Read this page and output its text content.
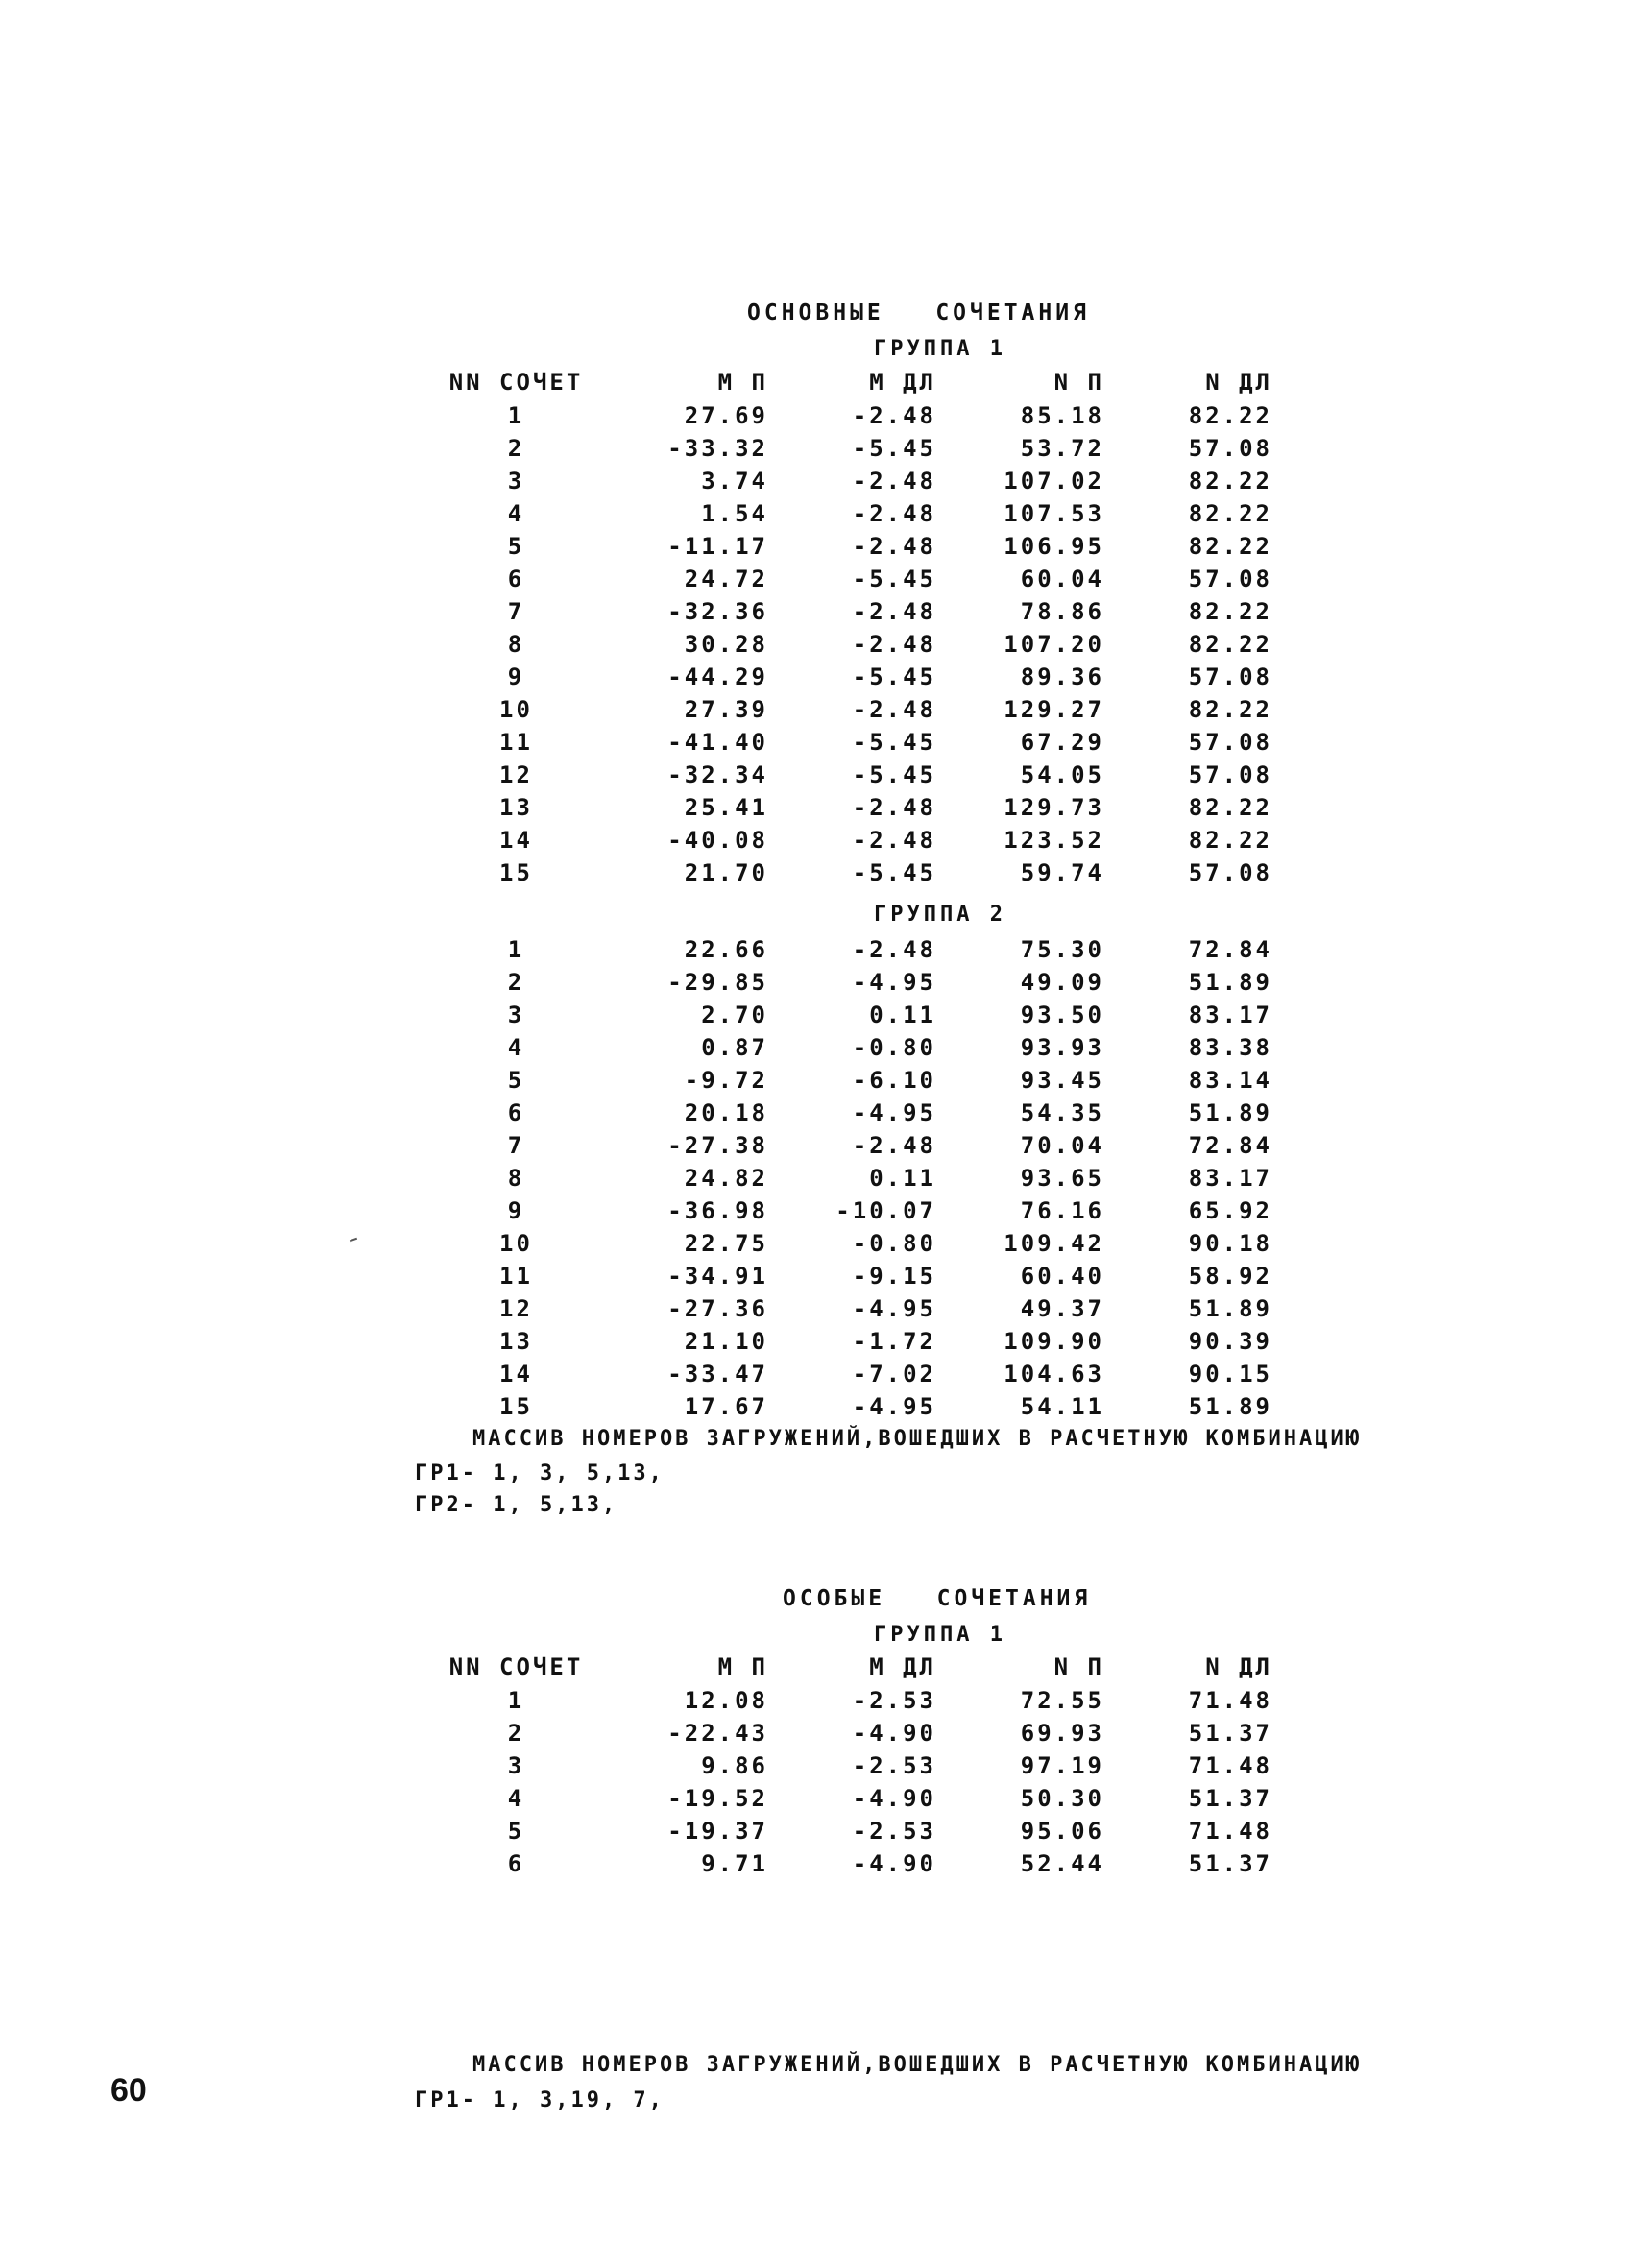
ОСНОВНЫЕ   СОЧЕТАНИЯ
ГРУППА 1
NN СОЧЕТ	М П	М ДЛ	N П	N ДЛ
1	27.69	-2.48	85.18	82.22
2	-33.32	-5.45	53.72	57.08
3	3.74	-2.48	107.02	82.22
4	1.54	-2.48	107.53	82.22
5	-11.17	-2.48	106.95	82.22
6	24.72	-5.45	60.04	57.08
7	-32.36	-2.48	78.86	82.22
8	30.28	-2.48	107.20	82.22
9	-44.29	-5.45	89.36	57.08
10	27.39	-2.48	129.27	82.22
11	-41.40	-5.45	67.29	57.08
12	-32.34	-5.45	54.05	57.08
13	25.41	-2.48	129.73	82.22
14	-40.08	-2.48	123.52	82.22
15	21.70	-5.45	59.74	57.08
ГРУППА 2
1	22.66	-2.48	75.30	72.84
2	-29.85	-4.95	49.09	51.89
3	2.70	0.11	93.50	83.17
4	0.87	-0.80	93.93	83.38
5	-9.72	-6.10	93.45	83.14
6	20.18	-4.95	54.35	51.89
7	-27.38	-2.48	70.04	72.84
8	24.82	0.11	93.65	83.17
9	-36.98	-10.07	76.16	65.92
10	22.75	-0.80	109.42	90.18
11	-34.91	-9.15	60.40	58.92
12	-27.36	-4.95	49.37	51.89
13	21.10	-1.72	109.90	90.39
14	-33.47	-7.02	104.63	90.15
15	17.67	-4.95	54.11	51.89
МАССИВ НОМЕРОВ ЗАГРУЖЕНИЙ,ВОШЕДШИХ В РАСЧЕТНУЮ КОМБИНАЦИЮ
ГР1- 1, 3, 5,13,
ГР2- 1, 5,13,
ОСОБЫЕ   СОЧЕТАНИЯ
ГРУППА 1
NN СОЧЕТ	М П	М ДЛ	N П	N ДЛ
1	12.08	-2.53	72.55	71.48
2	-22.43	-4.90	69.93	51.37
3	9.86	-2.53	97.19	71.48
4	-19.52	-4.90	50.30	51.37
5	-19.37	-2.53	95.06	71.48
6	9.71	-4.90	52.44	51.37
МАССИВ НОМЕРОВ ЗАГРУЖЕНИЙ,ВОШЕДШИХ В РАСЧЕТНУЮ КОМБИНАЦИЮ
ГР1- 1, 3,19, 7,
60
